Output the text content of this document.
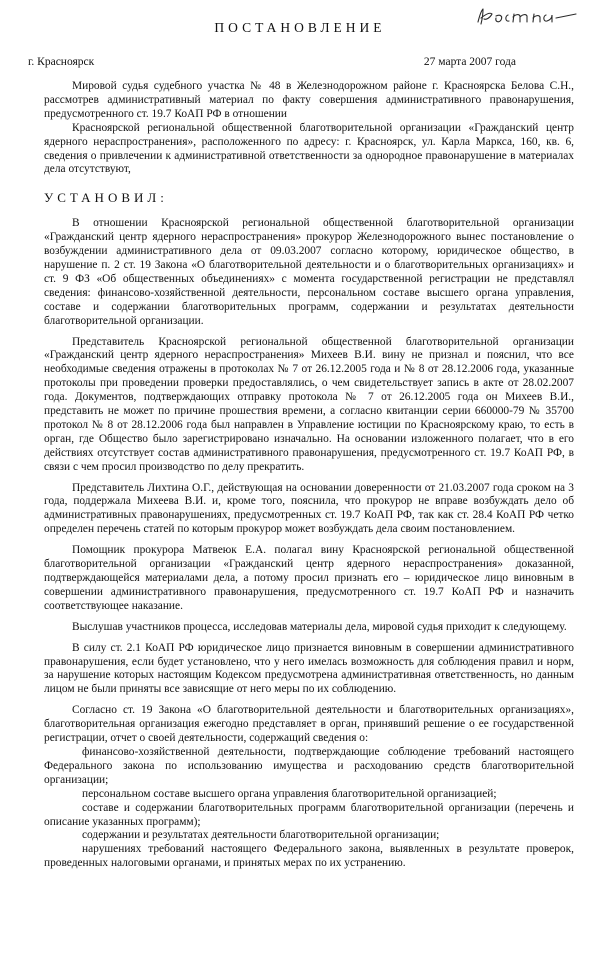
ПОСТАНОВЛЕНИЕ
г. Красноярск	27 марта 2007 года

Мировой судья судебного участка № 48 в Железнодорожном районе г. Красноярска Белова С.Н., рассмотрев административный материал по факту совершения административного правонарушения, предусмотренного ст. 19.7 КоАП РФ в отношении

Красноярской региональной общественной благотворительной организации «Гражданский центр ядерного нераспространения», расположенного по адресу: г. Красноярск, ул. Карла Маркса, 160, кв. 6, сведения о привлечении к административной ответственности за однородное правонарушение в материалах дела отсутствуют,

УСТАНОВИЛ:

В отношении Красноярской региональной общественной благотворительной организации «Гражданский центр ядерного нераспространения» прокурор Железнодорожного вынес постановление о возбуждении административного дела от 09.03.2007 согласно которому, юридическое общество, в нарушение п. 2 ст. 19 Закона «О благотворительной деятельности и о благотворительных организациях» и ст. 9 ФЗ «Об общественных объединениях» с момента государственной регистрации не представлял сведения: финансово-хозяйственной деятельности, персональном составе высшего органа управления, составе и содержании благотворительных программ, содержании и результатах деятельности благотворительной организации.

Представитель Красноярской региональной общественной благотворительной организации «Гражданский центр ядерного нераспространения» Михеев В.И. вину не признал и пояснил, что все необходимые сведения отражены в протоколах № 7 от 26.12.2005 года и № 8 от 28.12.2006 года, указанные протоколы при проведении проверки предоставлялись, о чем свидетельствует запись в акте от 28.02.2007 года. Документов, подтверждающих отправку протокола № 7 от 26.12.2005 года он Михеев В.И., представить не может по причине прошествия времени, а согласно квитанции серии 660000-79 № 35700 протокол № 8 от 28.12.2006 года был направлен в Управление юстиции по Красноярскому краю, то есть в орган, где Общество было зарегистрировано изначально. На основании изложенного полагает, что в его действиях отсутствует состав административного правонарушения, предусмотренного ст. 19.7 КоАП РФ, в связи с чем просил производство по делу прекратить.

Представитель Лихтина О.Г., действующая на основании доверенности от 21.03.2007 года сроком на 3 года, поддержала Михеева В.И. и, кроме того, пояснила, что прокурор не вправе возбуждать дело об административных правонарушениях, предусмотренных ст. 19.7 КоАП РФ, так как ст. 28.4 КоАП РФ четко определен перечень статей по которым прокурор может возбуждать дела своим постановлением.

Помощник прокурора Матвеюк Е.А. полагал вину Красноярской региональной общественной благотворительной организации «Гражданский центр ядерного нераспространения» доказанной, подтверждающейся материалами дела, а потому просил признать его – юридическое лицо виновным в совершении административного правонарушения, предусмотренного ст. 19.7 КоАП РФ и назначить соответствующее наказание.

Выслушав участников процесса, исследовав материалы дела, мировой судья приходит к следующему.

В силу ст. 2.1 КоАП РФ юридическое лицо признается виновным в совершении административного правонарушения, если будет установлено, что у него имелась возможность для соблюдения правил и норм, за нарушение которых настоящим Кодексом предусмотрена административная ответственность, но данным лицом не были приняты все зависящие от него меры по их соблюдению.

Согласно ст. 19 Закона «О благотворительной деятельности и благотворительных организациях», благотворительная организация ежегодно представляет в орган, принявший решение о ее государственной регистрации, отчет о своей деятельности, содержащий сведения о:

финансово-хозяйственной деятельности, подтверждающие соблюдение требований настоящего Федерального закона по использованию имущества и расходованию средств благотворительной организации;

персональном составе высшего органа управления благотворительной организацией;

составе и содержании благотворительных программ благотворительной организации (перечень и описание указанных программ);

содержании и результатах деятельности благотворительной организации;

нарушениях требований настоящего Федерального закона, выявленных в результате проверок, проведенных налоговыми органами, и принятых мерах по их устранению.
